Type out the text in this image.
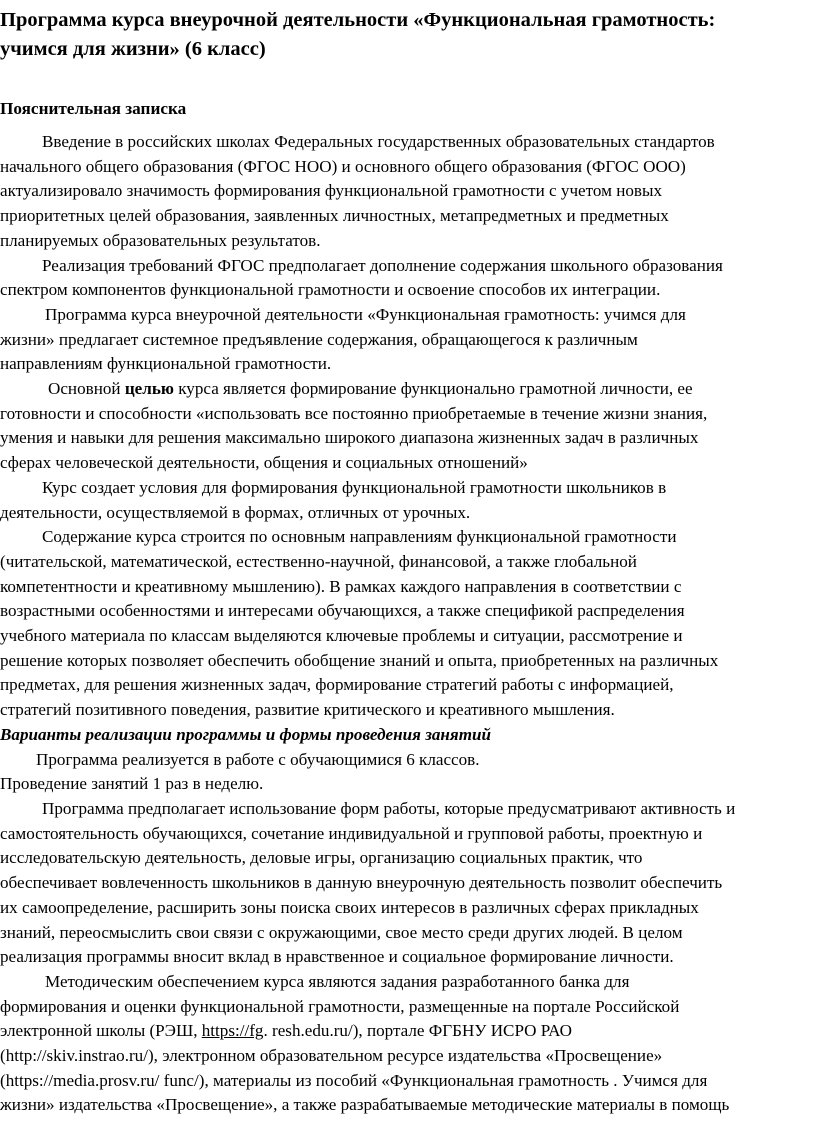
Программа курса внеурочной деятельности «Функциональная грамотность:
учимся для жизни» (6 класс)
Пояснительная записка
Введение в российских школах Федеральных государственных образовательных стандартов
начального общего образования (ФГОС НОО) и основного общего образования (ФГОС ООО)
актуализировало значимость формирования функциональной грамотности с учетом новых
приоритетных целей образования, заявленных личностных, метапредметных и предметных
планируемых образовательных результатов.
Реализация требований ФГОС предполагает дополнение содержания школьного образования
спектром компонентов функциональной грамотности и освоение способов их интеграции.
Программа курса внеурочной деятельности «Функциональная грамотность: учимся для
жизни» предлагает системное предъявление содержания, обращающегося к различным
направлениям функциональной грамотности.
Основной целью курса является формирование функционально грамотной личности, ее
готовности и способности «использовать все постоянно приобретаемые в течение жизни знания,
умения и навыки для решения максимально широкого диапазона жизненных задач в различных
сферах человеческой деятельности, общения и социальных отношений»
Курс создает условия для формирования функциональной грамотности школьников в
деятельности, осуществляемой в формах, отличных от урочных.
Содержание курса строится по основным направлениям функциональной грамотности
(читательской, математической, естественно-научной, финансовой, а также глобальной
компетентности и креативному мышлению). В рамках каждого направления в соответствии с
возрастными особенностями и интересами обучающихся, а также спецификой распределения
учебного материала по классам выделяются ключевые проблемы и ситуации, рассмотрение и
решение которых позволяет обеспечить обобщение знаний и опыта, приобретенных на различных
предметах, для решения жизненных задач, формирование стратегий работы с информацией,
стратегий позитивного поведения, развитие критического и креативного мышления.
Варианты реализации программы и формы проведения занятий
Программа реализуется в работе с обучающимися 6 классов.
Проведение занятий 1 раз в неделю.
Программа предполагает использование форм работы, которые предусматривают активность и
самостоятельность обучающихся, сочетание индивидуальной и групповой работы, проектную и
исследовательскую деятельность, деловые игры, организацию социальных практик, что
обеспечивает вовлеченность школьников в данную внеурочную деятельность позволит обеспечить
их самоопределение, расширить зоны поиска своих интересов в различных сферах прикладных
знаний, переосмыслить свои связи с окружающими, свое место среди других людей. В целом
реализация программы вносит вклад в нравственное и социальное формирование личности.
Методическим обеспечением курса являются задания разработанного банка для
формирования и оценки функциональной грамотности, размещенные на портале Российской
электронной школы (РЭШ, https://fg. resh.edu.ru/), портале ФГБНУ ИСРО РАО
(http://skiv.instrao.ru/), электронном образовательном ресурсе издательства «Просвещение»
(https://media.prosv.ru/ func/), материалы из пособий «Функциональная грамотность . Учимся для
жизни» издательства «Просвещение», а также разрабатываемые методические материалы в помощь
